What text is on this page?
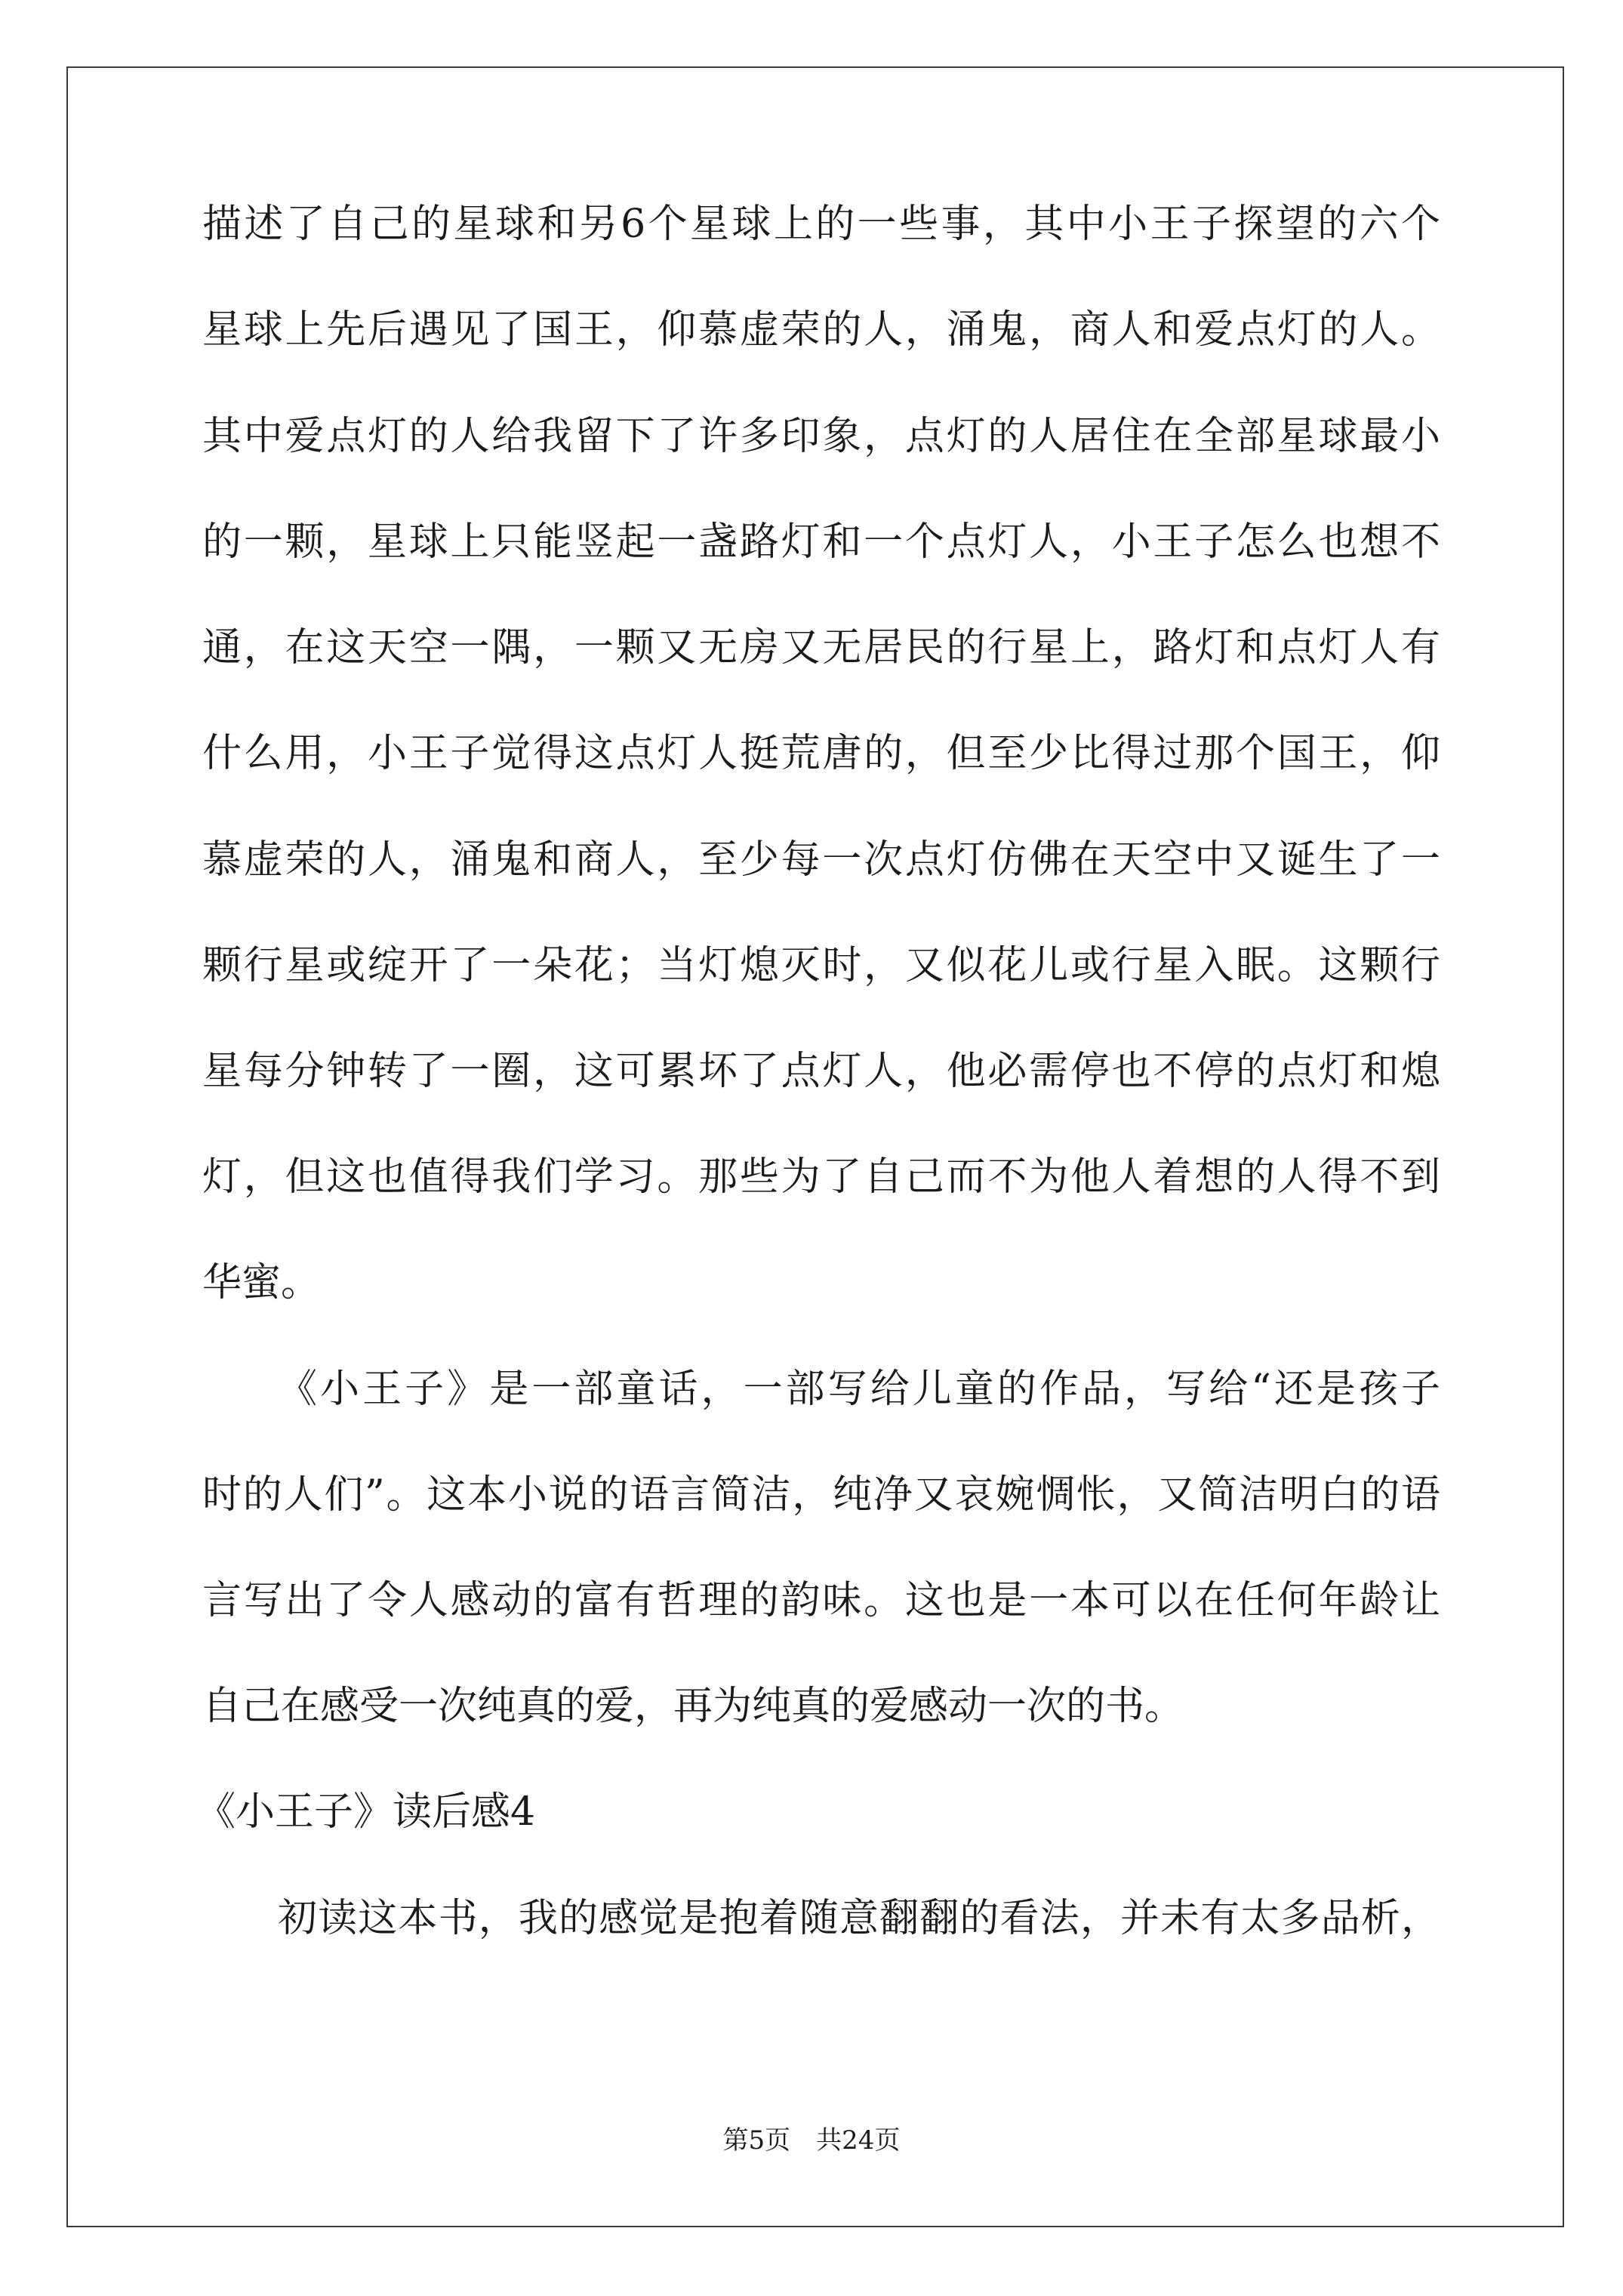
描述了自己的星球和另6个星球上的一些事，其中小王子探望的六个
星球上先后遇见了国王，仰慕虚荣的人，涌鬼，商人和爱点灯的人。
其中爱点灯的人给我留下了许多印象，点灯的人居住在全部星球最小
的一颗，星球上只能竖起一盏路灯和一个点灯人，小王子怎么也想不
通，在这天空一隅，一颗又无房又无居民的行星上，路灯和点灯人有
什么用，小王子觉得这点灯人挺荒唐的，但至少比得过那个国王，仰
慕虚荣的人，涌鬼和商人，至少每一次点灯仿佛在天空中又诞生了一
颗行星或绽开了一朵花；当灯熄灭时，又似花儿或行星入眠。这颗行
星每分钟转了一圈，这可累坏了点灯人，他必需停也不停的点灯和熄
灯，但这也值得我们学习。那些为了自己而不为他人着想的人得不到
华蜜。
《小王子》是一部童话，一部写给儿童的作品，写给“还是孩子
时的人们”。这本小说的语言简洁，纯净又哀婉惆怅，又简洁明白的语
言写出了令人感动的富有哲理的韵味。这也是一本可以在任何年龄让
自己在感受一次纯真的爱，再为纯真的爱感动一次的书。
《小王子》读后感4
初读这本书，我的感觉是抱着随意翻翻的看法，并未有太多品析，
第5页　共24页
